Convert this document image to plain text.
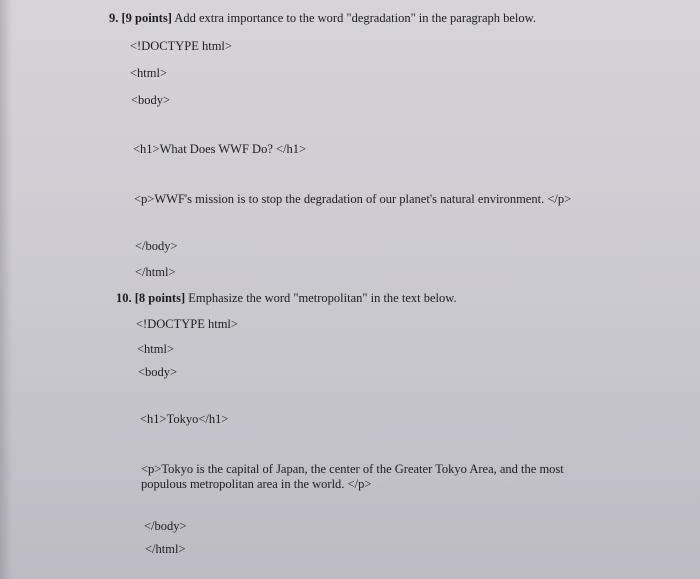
9. [9 points] Add extra importance to the word "degradation" in the paragraph below.
<!DOCTYPE html>
<html>
<body>
<h1>What Does WWF Do? </h1>
<p>WWF's mission is to stop the degradation of our planet's natural environment. </p>
</body>
</html>
10. [8 points] Emphasize the word "metropolitan" in the text below.
<!DOCTYPE html>
<html>
<body>
<h1>Tokyo</h1>
<p>Tokyo is the capital of Japan, the center of the Greater Tokyo Area, and the most populous metropolitan area in the world. </p>
</body>
</html>
